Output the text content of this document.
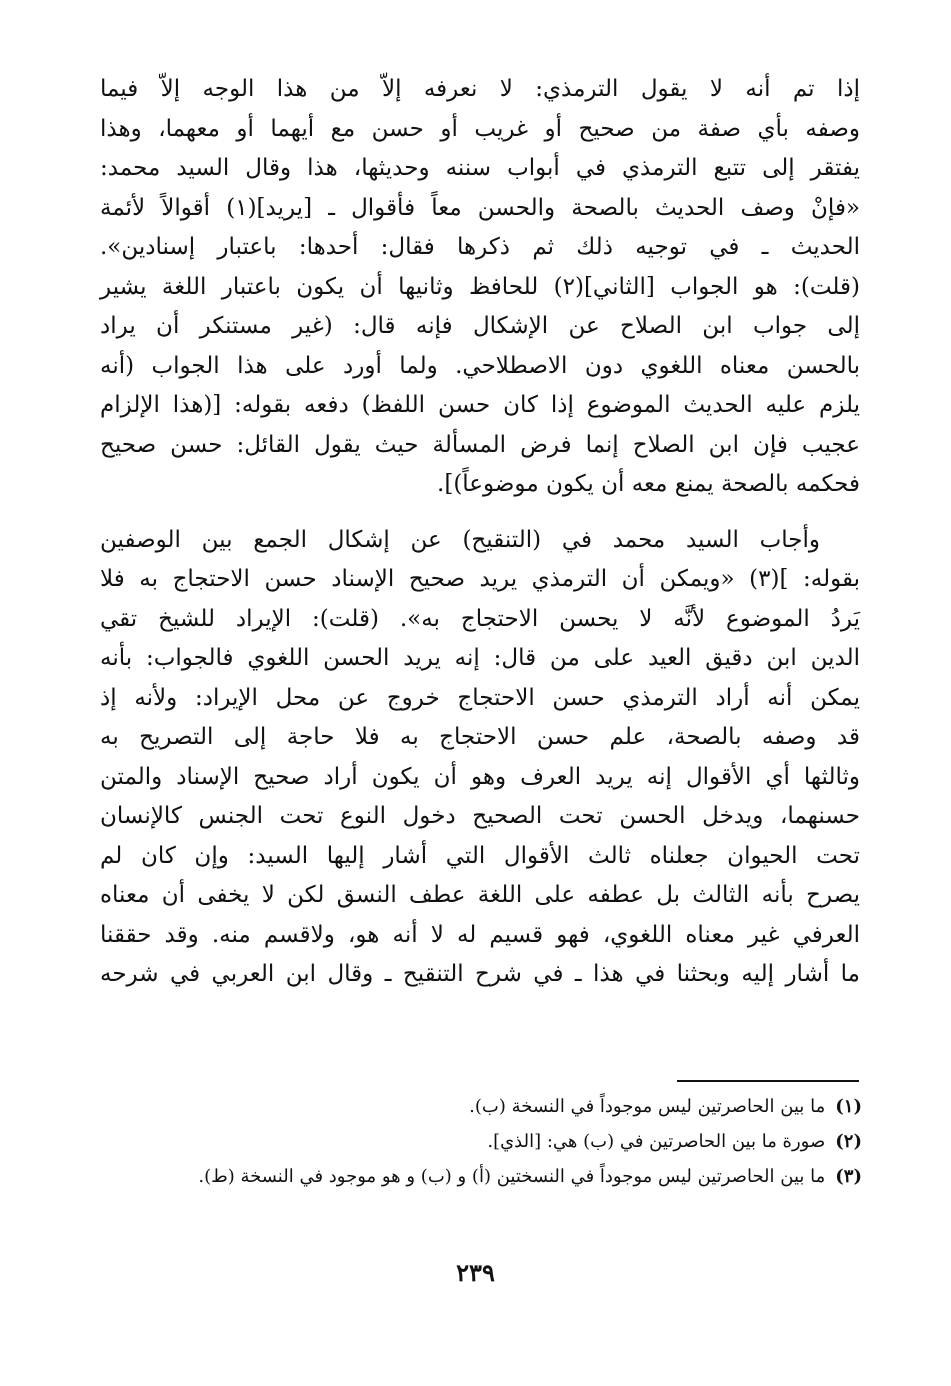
إذا تم أنه لا يقول الترمذي: لا نعرفه إلاّ من هذا الوجه إلاّ فيما
وصفه بأي صفة من صحيح أو غريب أو حسن مع أيهما أو معهما، وهذا
يفتقر إلى تتبع الترمذي في أبواب سننه وحديثها، هذا وقال السيد محمد:
«فإنْ وصف الحديث بالصحة والحسن معاً فأقوال ـ [يريد](١) أقوالاً لأئمة
الحديث ـ في توجيه ذلك ثم ذكرها فقال: أحدها: باعتبار إسنادين».
(قلت): هو الجواب [الثاني](٢) للحافظ وثانيها أن يكون باعتبار اللغة يشير
إلى جواب ابن الصلاح عن الإشكال فإنه قال: (غير مستنكر أن يراد
بالحسن معناه اللغوي دون الاصطلاحي. ولما أورد على هذا الجواب (أنه
يلزم عليه الحديث الموضوع إذا كان حسن اللفظ) دفعه بقوله: [(هذا الإلزام
عجيب فإن ابن الصلاح إنما فرض المسألة حيث يقول القائل: حسن صحيح
فحكمه بالصحة يمنع معه أن يكون موضوعاً)].
وأجاب السيد محمد في (التنقيح) عن إشكال الجمع بين الوصفين
بقوله: ](٣) «ويمكن أن الترمذي يريد صحيح الإسناد حسن الاحتجاج به فلا
يَردُ الموضوع لأنَّه لا يحسن الاحتجاج به». (قلت): الإيراد للشيخ تقي
الدين ابن دقيق العيد على من قال: إنه يريد الحسن اللغوي فالجواب: بأنه
يمكن أنه أراد الترمذي حسن الاحتجاج خروج عن محل الإيراد: ولأنه إذ
قد وصفه بالصحة، علم حسن الاحتجاج به فلا حاجة إلى التصريح به
وثالثها أي الأقوال إنه يريد العرف وهو أن يكون أراد صحيح الإسناد والمتن
حسنهما، ويدخل الحسن تحت الصحيح دخول النوع تحت الجنس كالإنسان
تحت الحيوان جعلناه ثالث الأقوال التي أشار إليها السيد: وإن كان لم
يصرح بأنه الثالث بل عطفه على اللغة عطف النسق لكن لا يخفى أن معناه
العرفي غير معناه اللغوي، فهو قسيم له لا أنه هو، ولاقسم منه. وقد حققنا
ما أشار إليه وبحثنا في هذا ـ في شرح التنقيح ـ وقال ابن العربي في شرحه
(١)
ما بين الحاصرتين ليس موجوداً في النسخة (ب).
(٢)
صورة ما بين الحاصرتين في (ب) هي: [الذي].
(٣)
ما بين الحاصرتين ليس موجوداً في النسختين (أ) و (ب) و هو موجود في النسخة (ط).
٢٣٩
